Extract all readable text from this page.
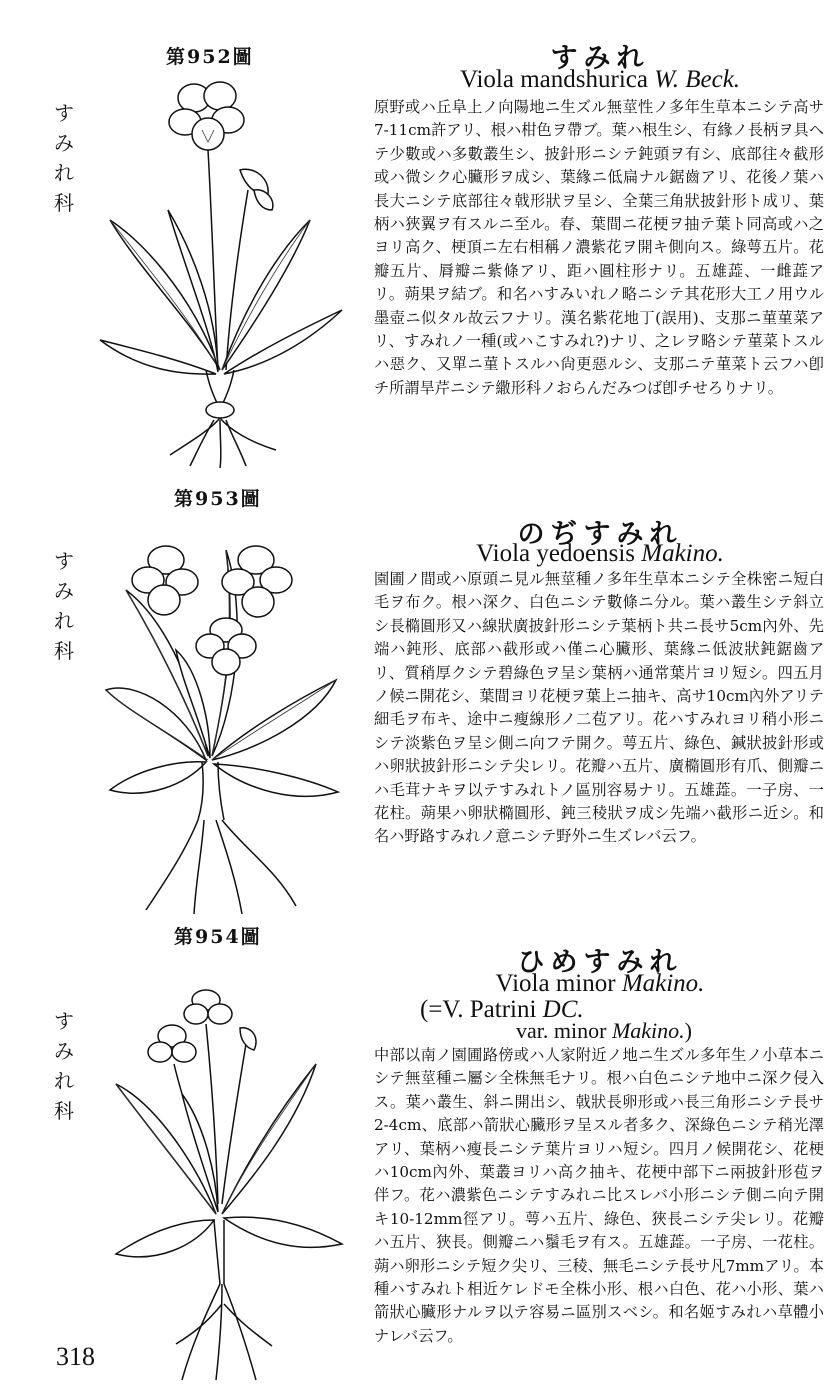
第952圖
す
み
れ
科
すみれ
Viola mandshurica W. Beck.
原野或ハ丘阜上ノ向陽地ニ生ズル無莖性ノ多年生草本ニシテ高サ7-11cm許アリ、根ハ柑色ヲ帶ブ。葉ハ根生シ、有緣ノ長柄ヲ具ヘテ少數或ハ多數叢生シ、披針形ニシテ鈍頭ヲ有シ、底部往々截形或ハ微シク心臟形ヲ成シ、葉緣ニ低扁ナル鋸齒アリ、花後ノ葉ハ長大ニシテ底部往々戟形狀ヲ呈シ、全葉三角狀披針形ト成リ、葉柄ハ狹翼ヲ有スルニ至ル。春、葉間ニ花梗ヲ抽テ葉ト同高或ハ之ヨリ高ク、梗頂ニ左右相稱ノ濃紫花ヲ開キ側向ス。綠萼五片。花瓣五片、脣瓣ニ紫條アリ、距ハ圓柱形ナリ。五雄蕋、一雌蕋アリ。蒴果ヲ結ブ。和名ハすみいれノ略ニシテ其花形大工ノ用ウル墨壺ニ似タル故云フナリ。漢名紫花地丁(誤用)、支那ニ菫菫菜アリ、すみれノ一種(或ハこすみれ?)ナリ、之レヲ略シテ菫菜トスルハ惡ク、又單ニ菫トスルハ尙更惡ルシ、支那ニテ菫菜ト云フハ卽チ所謂旱芹ニシテ繖形科ノおらんだみつば卽チせろりナリ。
第953圖
す
み
れ
科
のぢすみれ
Viola yedoensis Makino.
園圃ノ間或ハ原頭ニ見ル無莖種ノ多年生草本ニシテ全株密ニ短白毛ヲ布ク。根ハ深ク、白色ニシテ數條ニ分ル。葉ハ叢生シテ斜立シ長橢圓形又ハ線狀廣披針形ニシテ葉柄ト共ニ長サ5cm內外、先端ハ鈍形、底部ハ截形或ハ僅ニ心臟形、葉緣ニ低波狀鈍鋸齒アリ、質稍厚クシテ碧綠色ヲ呈シ葉柄ハ通常葉片ヨリ短シ。四五月ノ候ニ開花シ、葉間ヨリ花梗ヲ葉上ニ抽キ、高サ10cm內外アリテ細毛ヲ布キ、途中ニ瘦線形ノ二苞アリ。花ハすみれヨリ稍小形ニシテ淡紫色ヲ呈シ側ニ向フテ開ク。萼五片、綠色、鍼狀披針形或ハ卵狀披針形ニシテ尖レリ。花瓣ハ五片、廣橢圓形有爪、側瓣ニハ毛茸ナキヲ以テすみれトノ區別容易ナリ。五雄蕋。一子房、一花柱。蒴果ハ卵狀橢圓形、鈍三稜狀ヲ成シ先端ハ截形ニ近シ。和名ハ野路すみれノ意ニシテ野外ニ生ズレバ云フ。
第954圖
す
み
れ
科
ひめすみれ
Viola minor Makino.
(=V. Patrini DC.
var. minor Makino.)
中部以南ノ園圃路傍或ハ人家附近ノ地ニ生ズル多年生ノ小草本ニシテ無莖種ニ屬シ全株無毛ナリ。根ハ白色ニシテ地中ニ深ク侵入ス。葉ハ叢生、斜ニ開出シ、戟狀長卵形或ハ長三角形ニシテ長サ2-4cm、底部ハ箭狀心臟形ヲ呈スル者多ク、深綠色ニシテ稍光澤アリ、葉柄ハ瘦長ニシテ葉片ヨリハ短シ。四月ノ候開花シ、花梗ハ10cm內外、葉叢ヨリハ高ク抽キ、花梗中部下ニ兩披針形苞ヲ伴フ。花ハ濃紫色ニシテすみれニ比スレバ小形ニシテ側ニ向テ開キ10-12mm徑アリ。萼ハ五片、綠色、狹長ニシテ尖レリ。花瓣ハ五片、狹長。側瓣ニハ鬚毛ヲ有ス。五雄蕋。一子房、一花柱。蒴ハ卵形ニシテ短ク尖リ、三稜、無毛ニシテ長サ凡7mmアリ。本種ハすみれト相近ケレドモ全株小形、根ハ白色、花ハ小形、葉ハ箭狀心臟形ナルヲ以テ容易ニ區別スベシ。和名姬すみれハ草體小ナレバ云フ。
318
